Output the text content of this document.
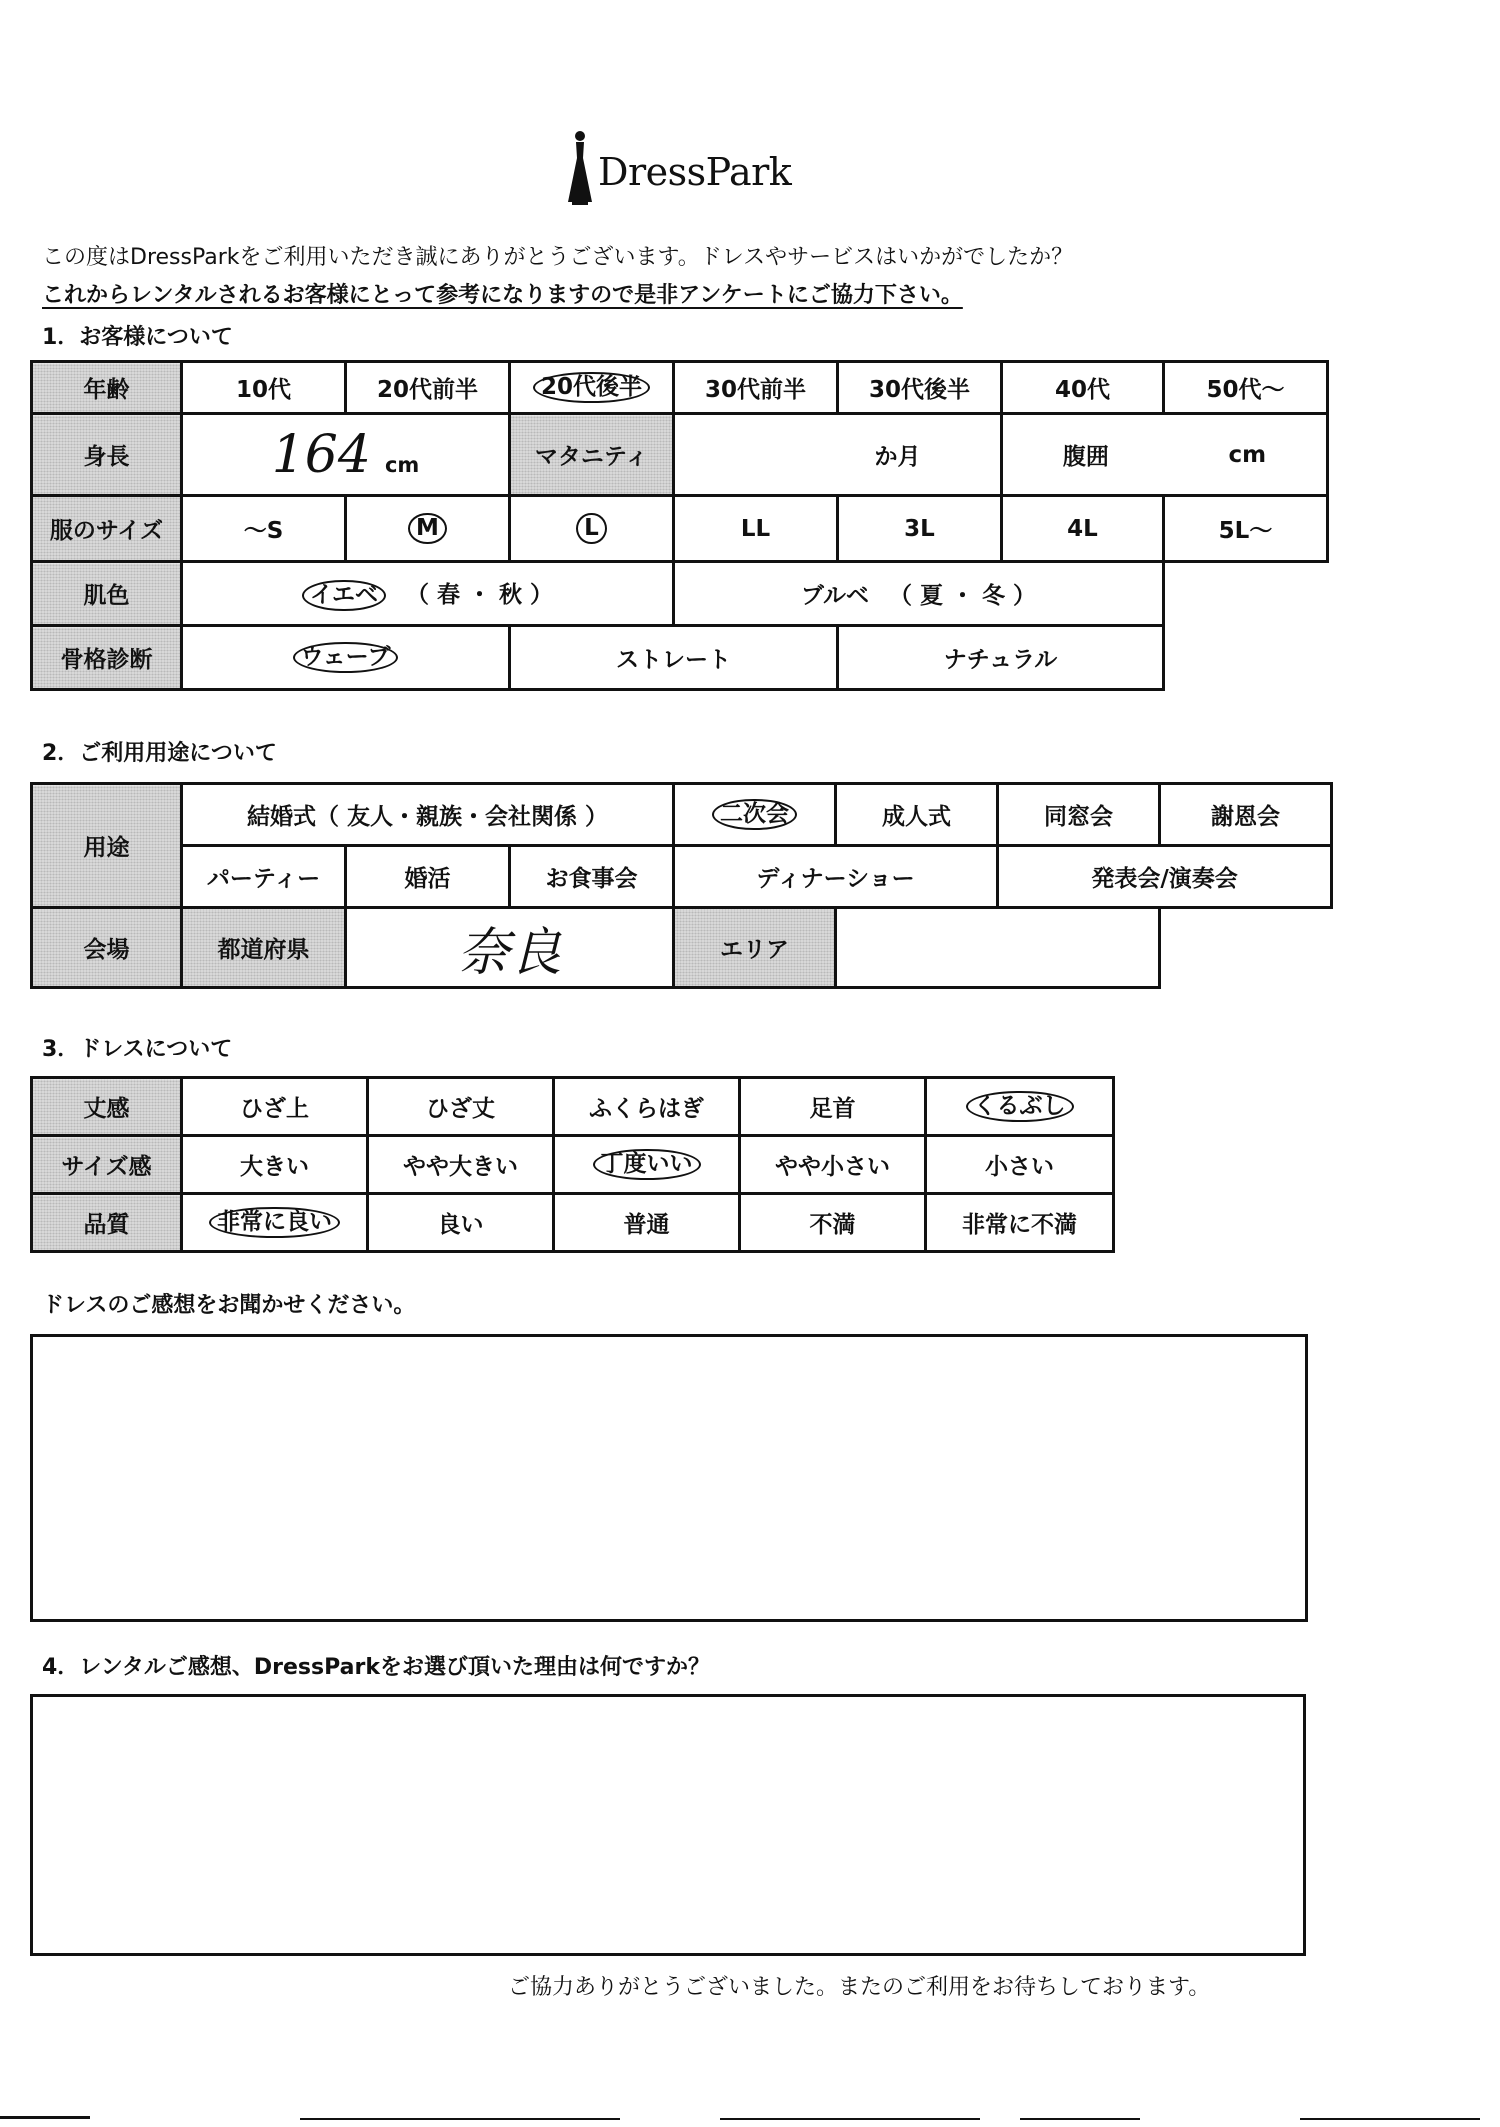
DressPark
この度はDressParkをご利用いただき誠にありがとうございます。ドレスやサービスはいかがでしたか？
これからレンタルされるお客様にとって参考になりますので是非アンケートにご協力下さい。
1．お客様について
年齢	10代	20代前半	20代後半	30代前半	30代後半	40代	50代～
身長	164 cm		マタニティ	か月		腹囲 cm	

服のサイズ	～S	M	L	LL	3L	4L	5L～
肌色	イエベ （ 春 ・ 秋 ）			ブルベ （ 夏 ・ 冬 ）			
骨格診断	ウェーブ		ストレート		ナチュラル		
2．ご利用用途について
用途	結婚式（ 友人・親族・会社関係 ）			二次会	成人式	同窓会	謝恩会
	パーティー	婚活	お食事会	ディナーショー		発表会/演奏会	
会場	都道府県	奈良		エリア			
3．ドレスについて
丈感	ひざ上	ひざ丈	ふくらはぎ	足首	くるぶし
サイズ感	大きい	やや大きい	丁度いい	やや小さい	小さい
品質	非常に良い	良い	普通	不満	非常に不満
ドレスのご感想をお聞かせください。
4．レンタルご感想、DressParkをお選び頂いた理由は何ですか？
ご協力ありがとうございました。またのご利用をお待ちしております。
